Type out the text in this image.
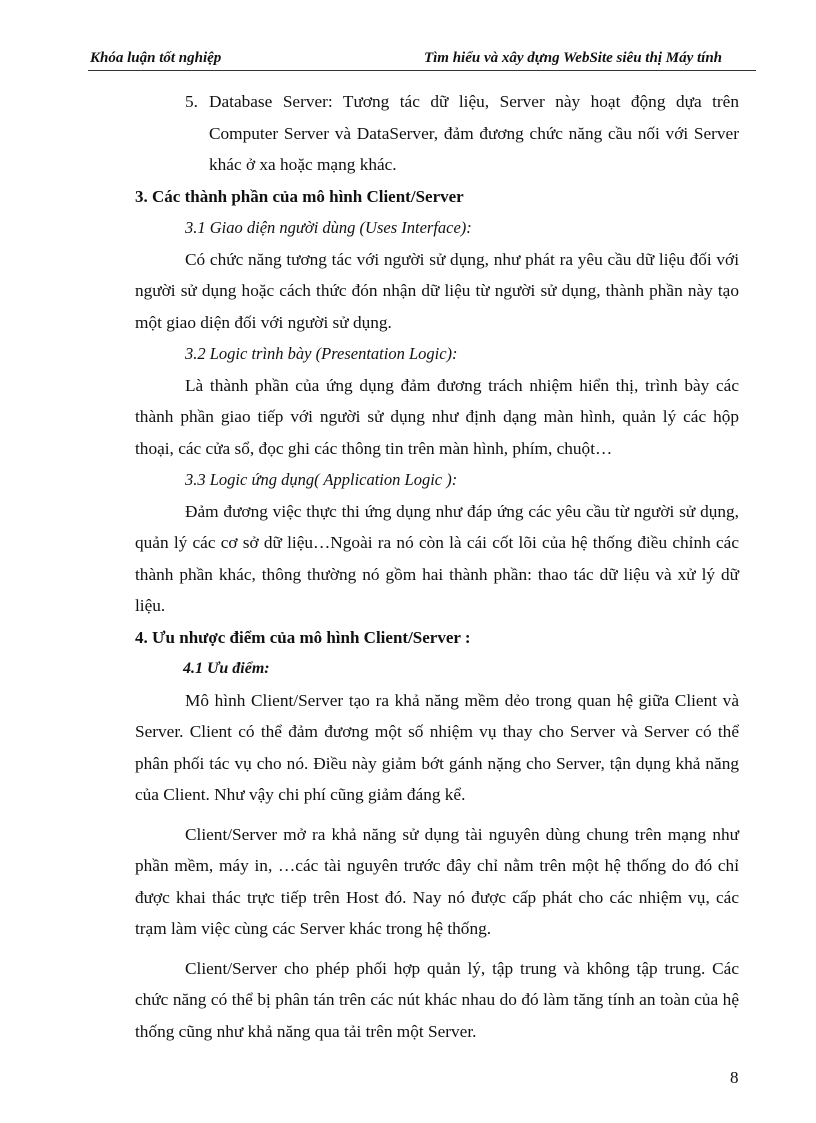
Khóa luận tốt nghiệp	Tìm hiểu và xây dựng WebSite siêu thị Máy tính
5. Database Server: Tương tác dữ liệu, Server này hoạt động dựa trên Computer Server và DataServer, đảm đương chức năng cầu nối với Server khác ở xa hoặc mạng khác.
3. Các thành phần của mô hình Client/Server
3.1 Giao diện người dùng (Uses Interface):

Có chức năng tương tác với người sử dụng, như phát ra yêu cầu dữ liệu đối với người sử dụng hoặc cách thức đón nhận dữ liệu từ người sử dụng, thành phần này tạo một giao diện đối với người sử dụng.

3.2 Logic trình bày (Presentation Logic):

Là thành phần của ứng dụng đảm đương trách nhiệm hiển thị, trình bày các thành phần giao tiếp với người sử dụng như định dạng màn hình, quản lý các hộp thoại, các cửa sổ, đọc ghi các thông tin trên màn hình, phím, chuột…

3.3 Logic ứng dụng( Application Logic ):

Đảm đương việc thực thi ứng dụng như đáp ứng các yêu cầu từ người sử dụng, quản lý các cơ sở dữ liệu…Ngoài ra nó còn là cái cốt lõi của hệ thống điều chỉnh các thành phần khác, thông thường nó gồm hai thành phần: thao tác dữ liệu và xử lý dữ liệu.

4. Ưu nhược điểm của mô hình Client/Server :
4.1 Ưu điểm:

Mô hình Client/Server tạo ra khả năng mềm dẻo trong quan hệ giữa Client và Server. Client có thể đảm đương một số nhiệm vụ thay cho Server và Server có thể phân phối tác vụ cho nó. Điều này giảm bớt gánh nặng cho Server, tận dụng khả năng của Client. Như vậy chi phí cũng giảm đáng kể.

Client/Server mở ra khả năng sử dụng tài nguyên dùng chung trên mạng như phần mềm, máy in, …các tài nguyên trước đây chỉ nằm trên một hệ thống do đó chỉ được khai thác trực tiếp trên Host đó. Nay nó được cấp phát cho các nhiệm vụ, các trạm làm việc cùng các Server khác trong hệ thống.

Client/Server cho phép phối hợp quản lý, tập trung và không tập trung. Các chức năng có thể bị phân tán trên các nút khác nhau do đó làm tăng tính an toàn của hệ thống cũng như khả năng qua tải trên một Server.

8
